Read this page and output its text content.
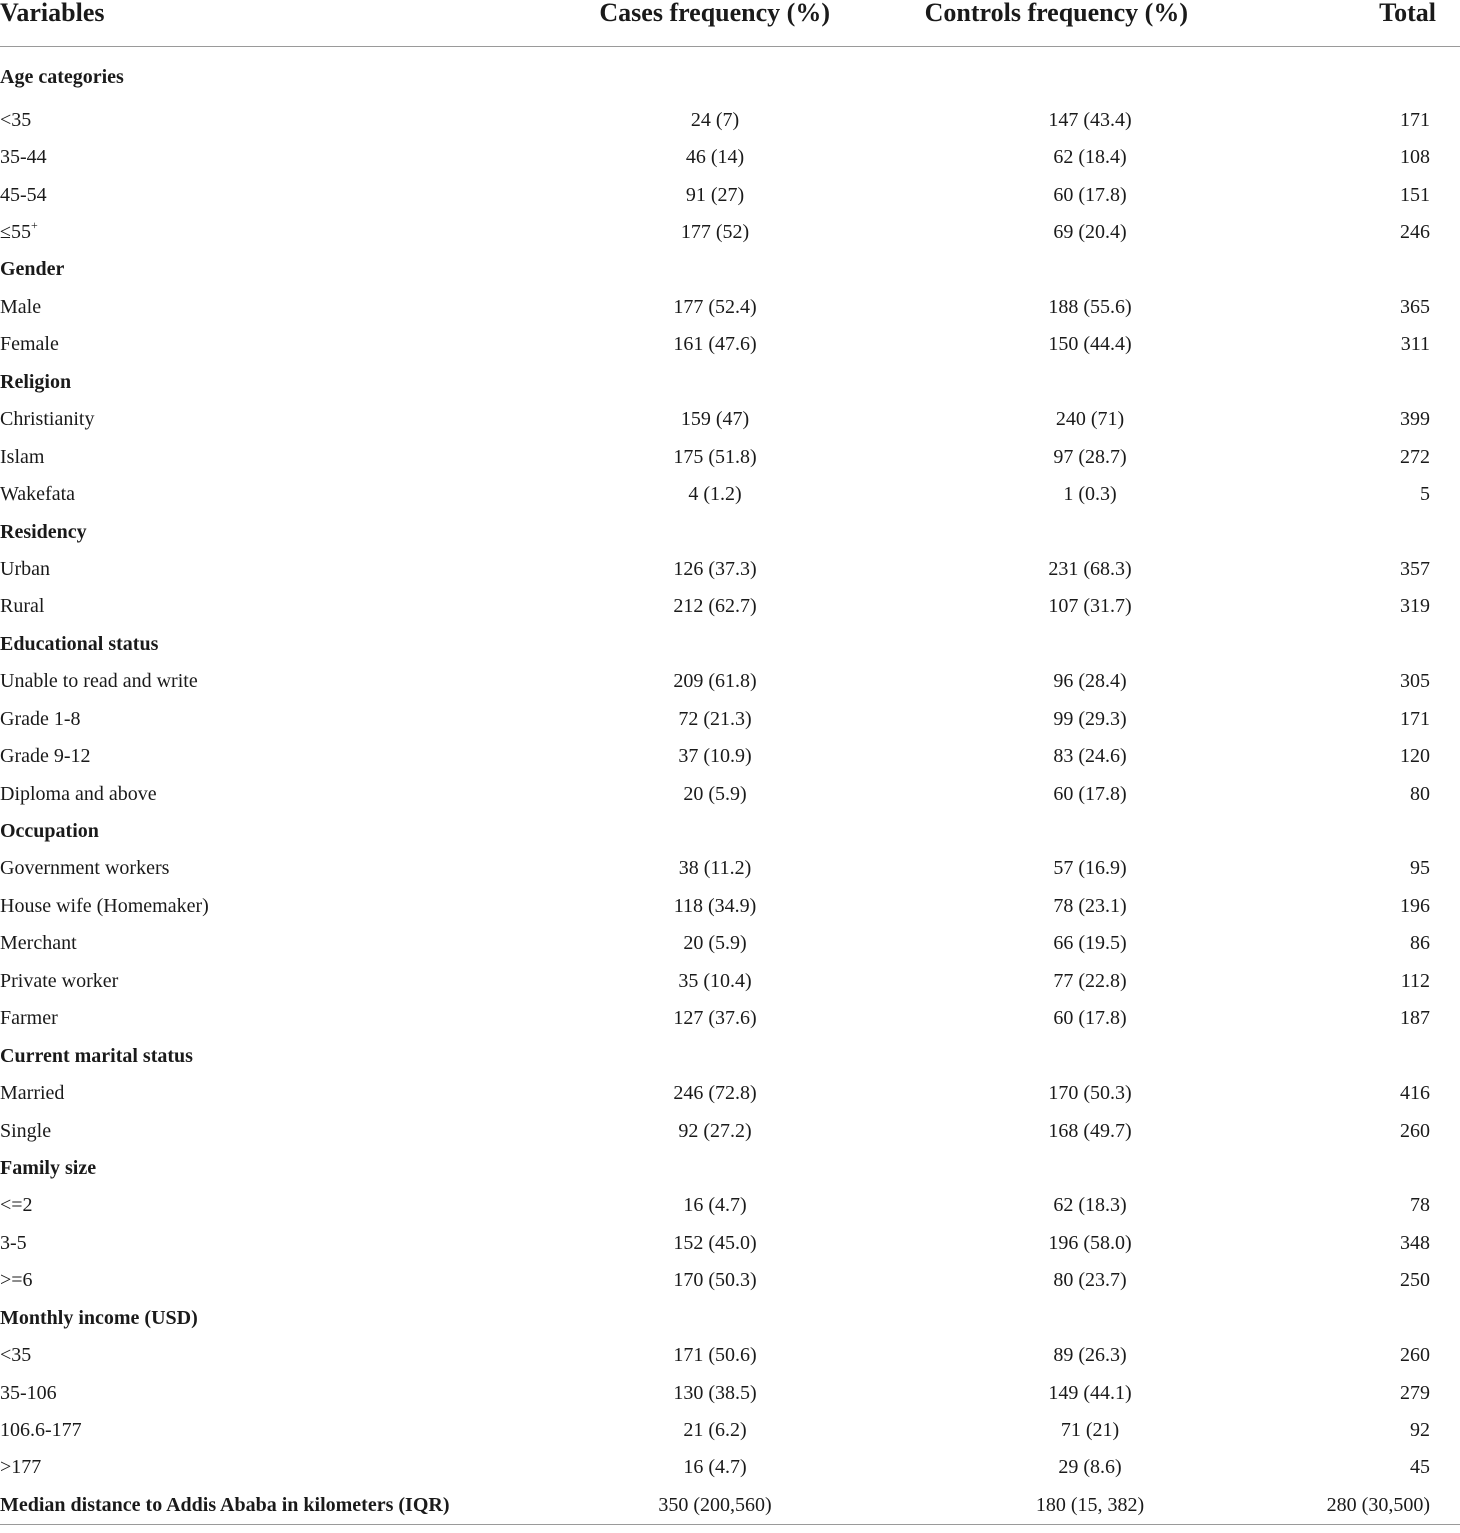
Variables	Cases frequency (%)	Controls frequency (%)	Total
Age categories			
<35	24 (7)	147 (43.4)	171
35-44	46 (14)	62 (18.4)	108
45-54	91 (27)	60 (17.8)	151
≤55+	177 (52)	69 (20.4)	246
Gender			
Male	177 (52.4)	188 (55.6)	365
Female	161 (47.6)	150 (44.4)	311
Religion			
Christianity	159 (47)	240 (71)	399
Islam	175 (51.8)	97 (28.7)	272
Wakefata	4 (1.2)	1 (0.3)	5
Residency			
Urban	126 (37.3)	231 (68.3)	357
Rural	212 (62.7)	107 (31.7)	319
Educational status			
Unable to read and write	209 (61.8)	96 (28.4)	305
Grade 1-8	72 (21.3)	99 (29.3)	171
Grade 9-12	37 (10.9)	83 (24.6)	120
Diploma and above	20 (5.9)	60 (17.8)	80
Occupation			
Government workers	38 (11.2)	57 (16.9)	95
House wife (Homemaker)	118 (34.9)	78 (23.1)	196
Merchant	20 (5.9)	66 (19.5)	86
Private worker	35 (10.4)	77 (22.8)	112
Farmer	127 (37.6)	60 (17.8)	187
Current marital status			
Married	246 (72.8)	170 (50.3)	416
Single	92 (27.2)	168 (49.7)	260
Family size			
<=2	16 (4.7)	62 (18.3)	78
3-5	152 (45.0)	196 (58.0)	348
>=6	170 (50.3)	80 (23.7)	250
Monthly income (USD)			
<35	171 (50.6)	89 (26.3)	260
35-106	130 (38.5)	149 (44.1)	279
106.6-177	21 (6.2)	71 (21)	92
>177	16 (4.7)	29 (8.6)	45
Median distance to Addis Ababa in kilometers (IQR)	350 (200,560)	180 (15, 382)	280 (30,500)
